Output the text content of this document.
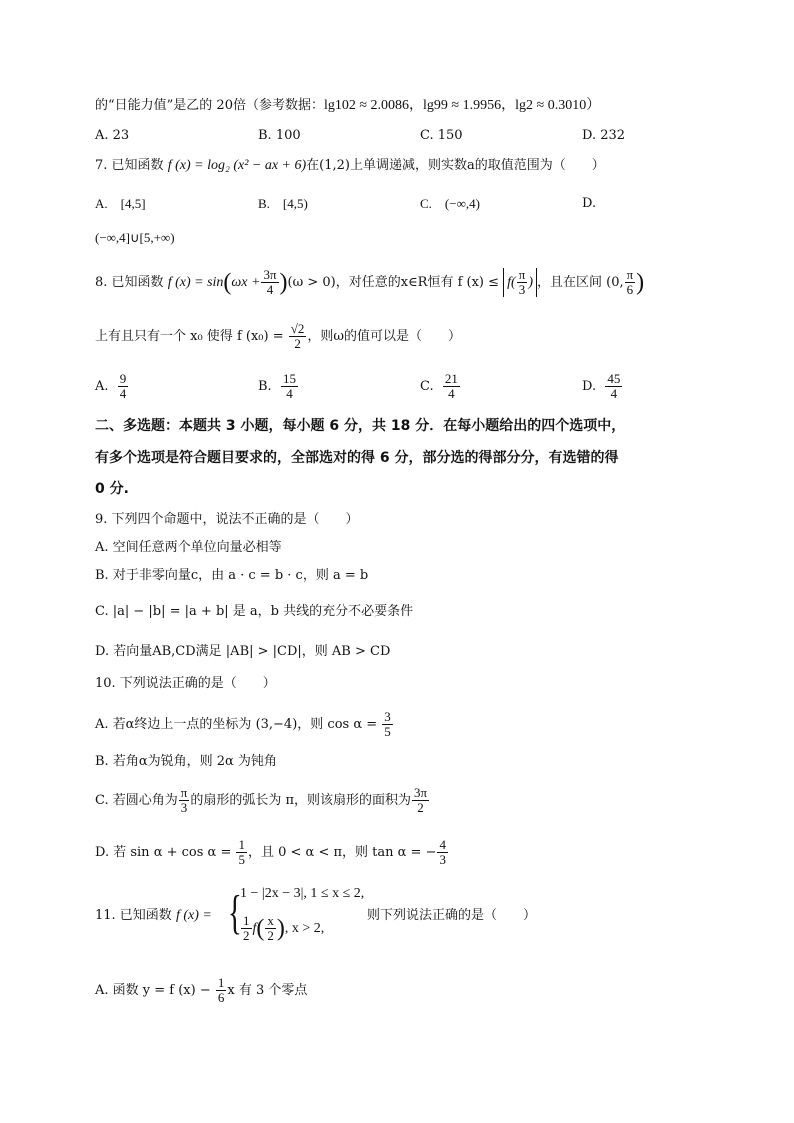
的“日能力值”是乙的 20倍（参考数据：lg102 ≈ 2.0086，lg99 ≈ 1.9956，lg2 ≈ 0.3010）
A. 23	B. 100	C. 150	D. 232
7. 已知函数 f (x) = log₂ (x² − ax + 6)在(1,2)上单调递减，则实数a的取值范围为（　　）
A.　[4,5]	B.　[4,5)	C.　(−∞,4)	D.
(−∞,4]∪[5,+∞)
8. 已知函数 f $(x) = \sin(\omega x + \frac{3\pi}{4} )(\omega > 0)$，对任意的x∈R恒有 f $(x) \le f( \frac{\pi}{3}$ ) ，且在区间 (0, $\frac{\pi}{6}$ )
上有且只有一个 x₀ 使得 f $(x_0) = \frac{√2}{2}$ ，则ω的值可以是（　　）
A. $\frac{9}{4}$	B. $\frac{15}{4}$	C. $\frac{21}{4}$	D. $\frac{45}{4}$
二、多选题：本题共 3 小题，每小题 6 分，共 18 分．在每小题给出的四个选项中，
有多个选项是符合题目要求的，全部选对的得 6 分，部分选的得部分分，有选错的得
0 分.
9. 下列四个命题中，说法不正确的是（　　）
A. 空间任意两个单位向量必相等
B. 对于非零向量c，由 a · c = b · c，则 a = b
C. |a| − |b| = |a + b| 是 a，b 共线的充分不必要条件
D. 若向量AB,CD满足 |AB| > |CD|，则 AB > CD
10. 下列说法正确的是（　　）
A. 若α终边上一点的坐标为 (3,−4)，则 $\cos \alpha = \frac{3}{5}$
B. 若角α为锐角，则 2α 为钝角
C. 若圆心角为 $\frac{\pi}{3}$ 的扇形的弧长为 π，则该扇形的面积为 $\frac{3\pi}{2}$
D. 若 $\sin \alpha + \cos \alpha = \frac{1}{5}$ ，且 0 < α < π，则 tan α = − $\frac{4}{3}$
11. 已知函数 f (x) = {
1 − |2x − 3|, 1 ≤ x ≤ 2,
$\frac{1}{2} f( \frac{x}{2}$ ), x > 2,
则下列说法正确的是（　　）
A. 函数 y = f $(x) - \frac{1}{6}$ x 有 3 个零点
